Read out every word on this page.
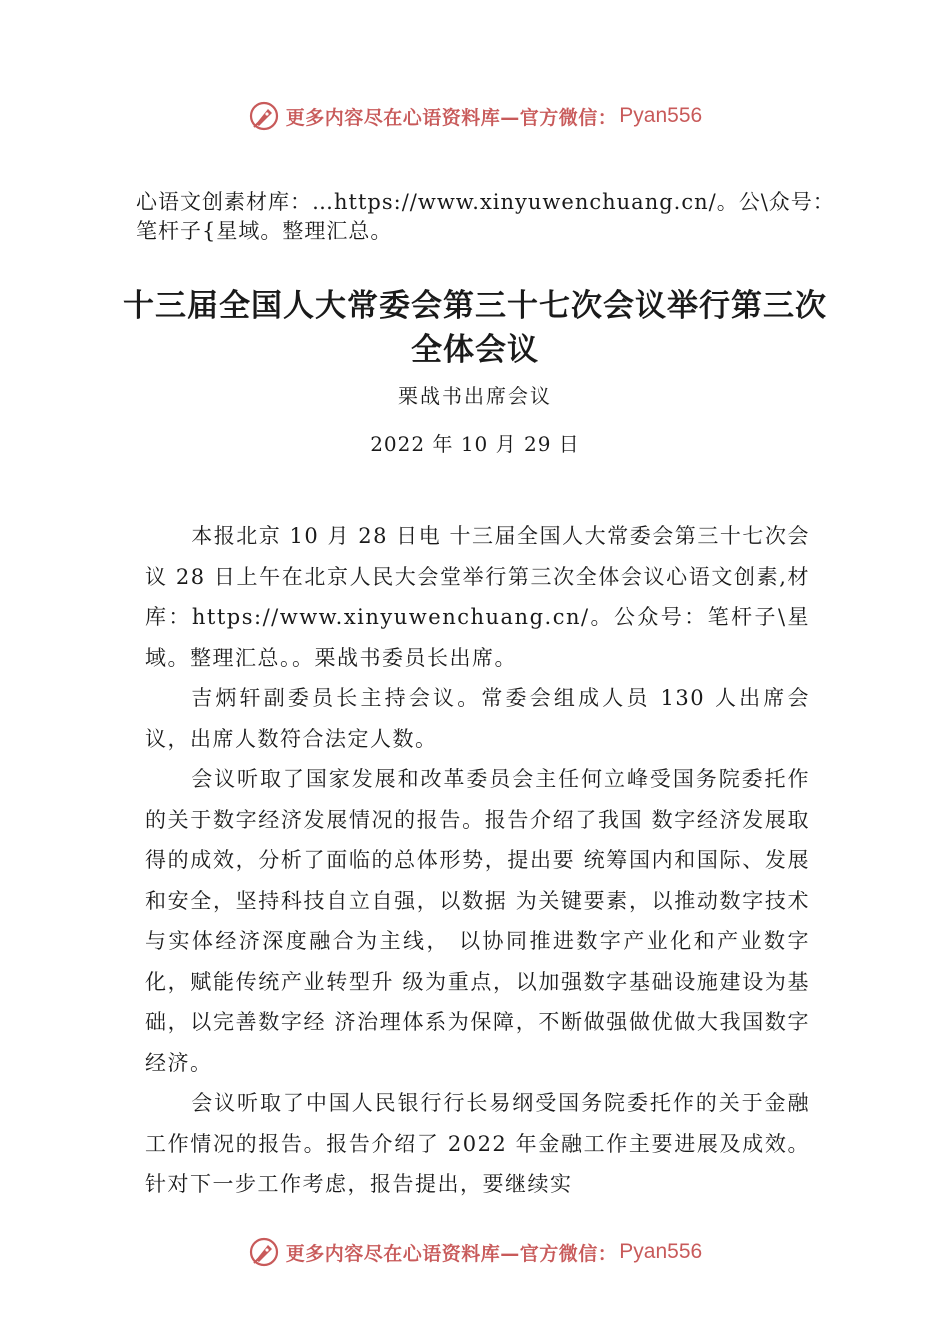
更多内容尽在心语资料库—官方微信： Pyan556
心语文创素材库：…https://www.xinyuwenchuang.cn/。公\众号：笔杆子{星域。整理汇总。
十三届全国人大常委会第三十七次会议举行第三次全体会议
栗战书出席会议
2022 年 10 月 29 日

本报北京 10 月 28 日电 十三届全国人大常委会第三十七次会议 28 日上午在北京人民大会堂举行第三次全体会议心语文创素,材库：https://www.xinyuwenchuang.cn/。公众号：笔杆子\星域。整理汇总。。栗战书委员长出席。

吉炳轩副委员长主持会议。常委会组成人员 130 人出席会议，出席人数符合法定人数。

会议听取了国家发展和改革委员会主任何立峰受国务院委托作的关于数字经济发展情况的报告。报告介绍了我国 数字经济发展取得的成效，分析了面临的总体形势，提出要 统筹国内和国际、发展和安全，坚持科技自立自强，以数据 为关键要素，以推动数字技术与实体经济深度融合为主线， 以协同推进数字产业化和产业数字化，赋能传统产业转型升 级为重点，以加强数字基础设施建设为基础，以完善数字经 济治理体系为保障，不断做强做优做大我国数字经济。

会议听取了中国人民银行行长易纲受国务院委托作的关于金融工作情况的报告。报告介绍了 2022 年金融工作主要进展及成效。针对下一步工作考虑，报告提出，要继续实

更多内容尽在心语资料库—官方微信： Pyan556
